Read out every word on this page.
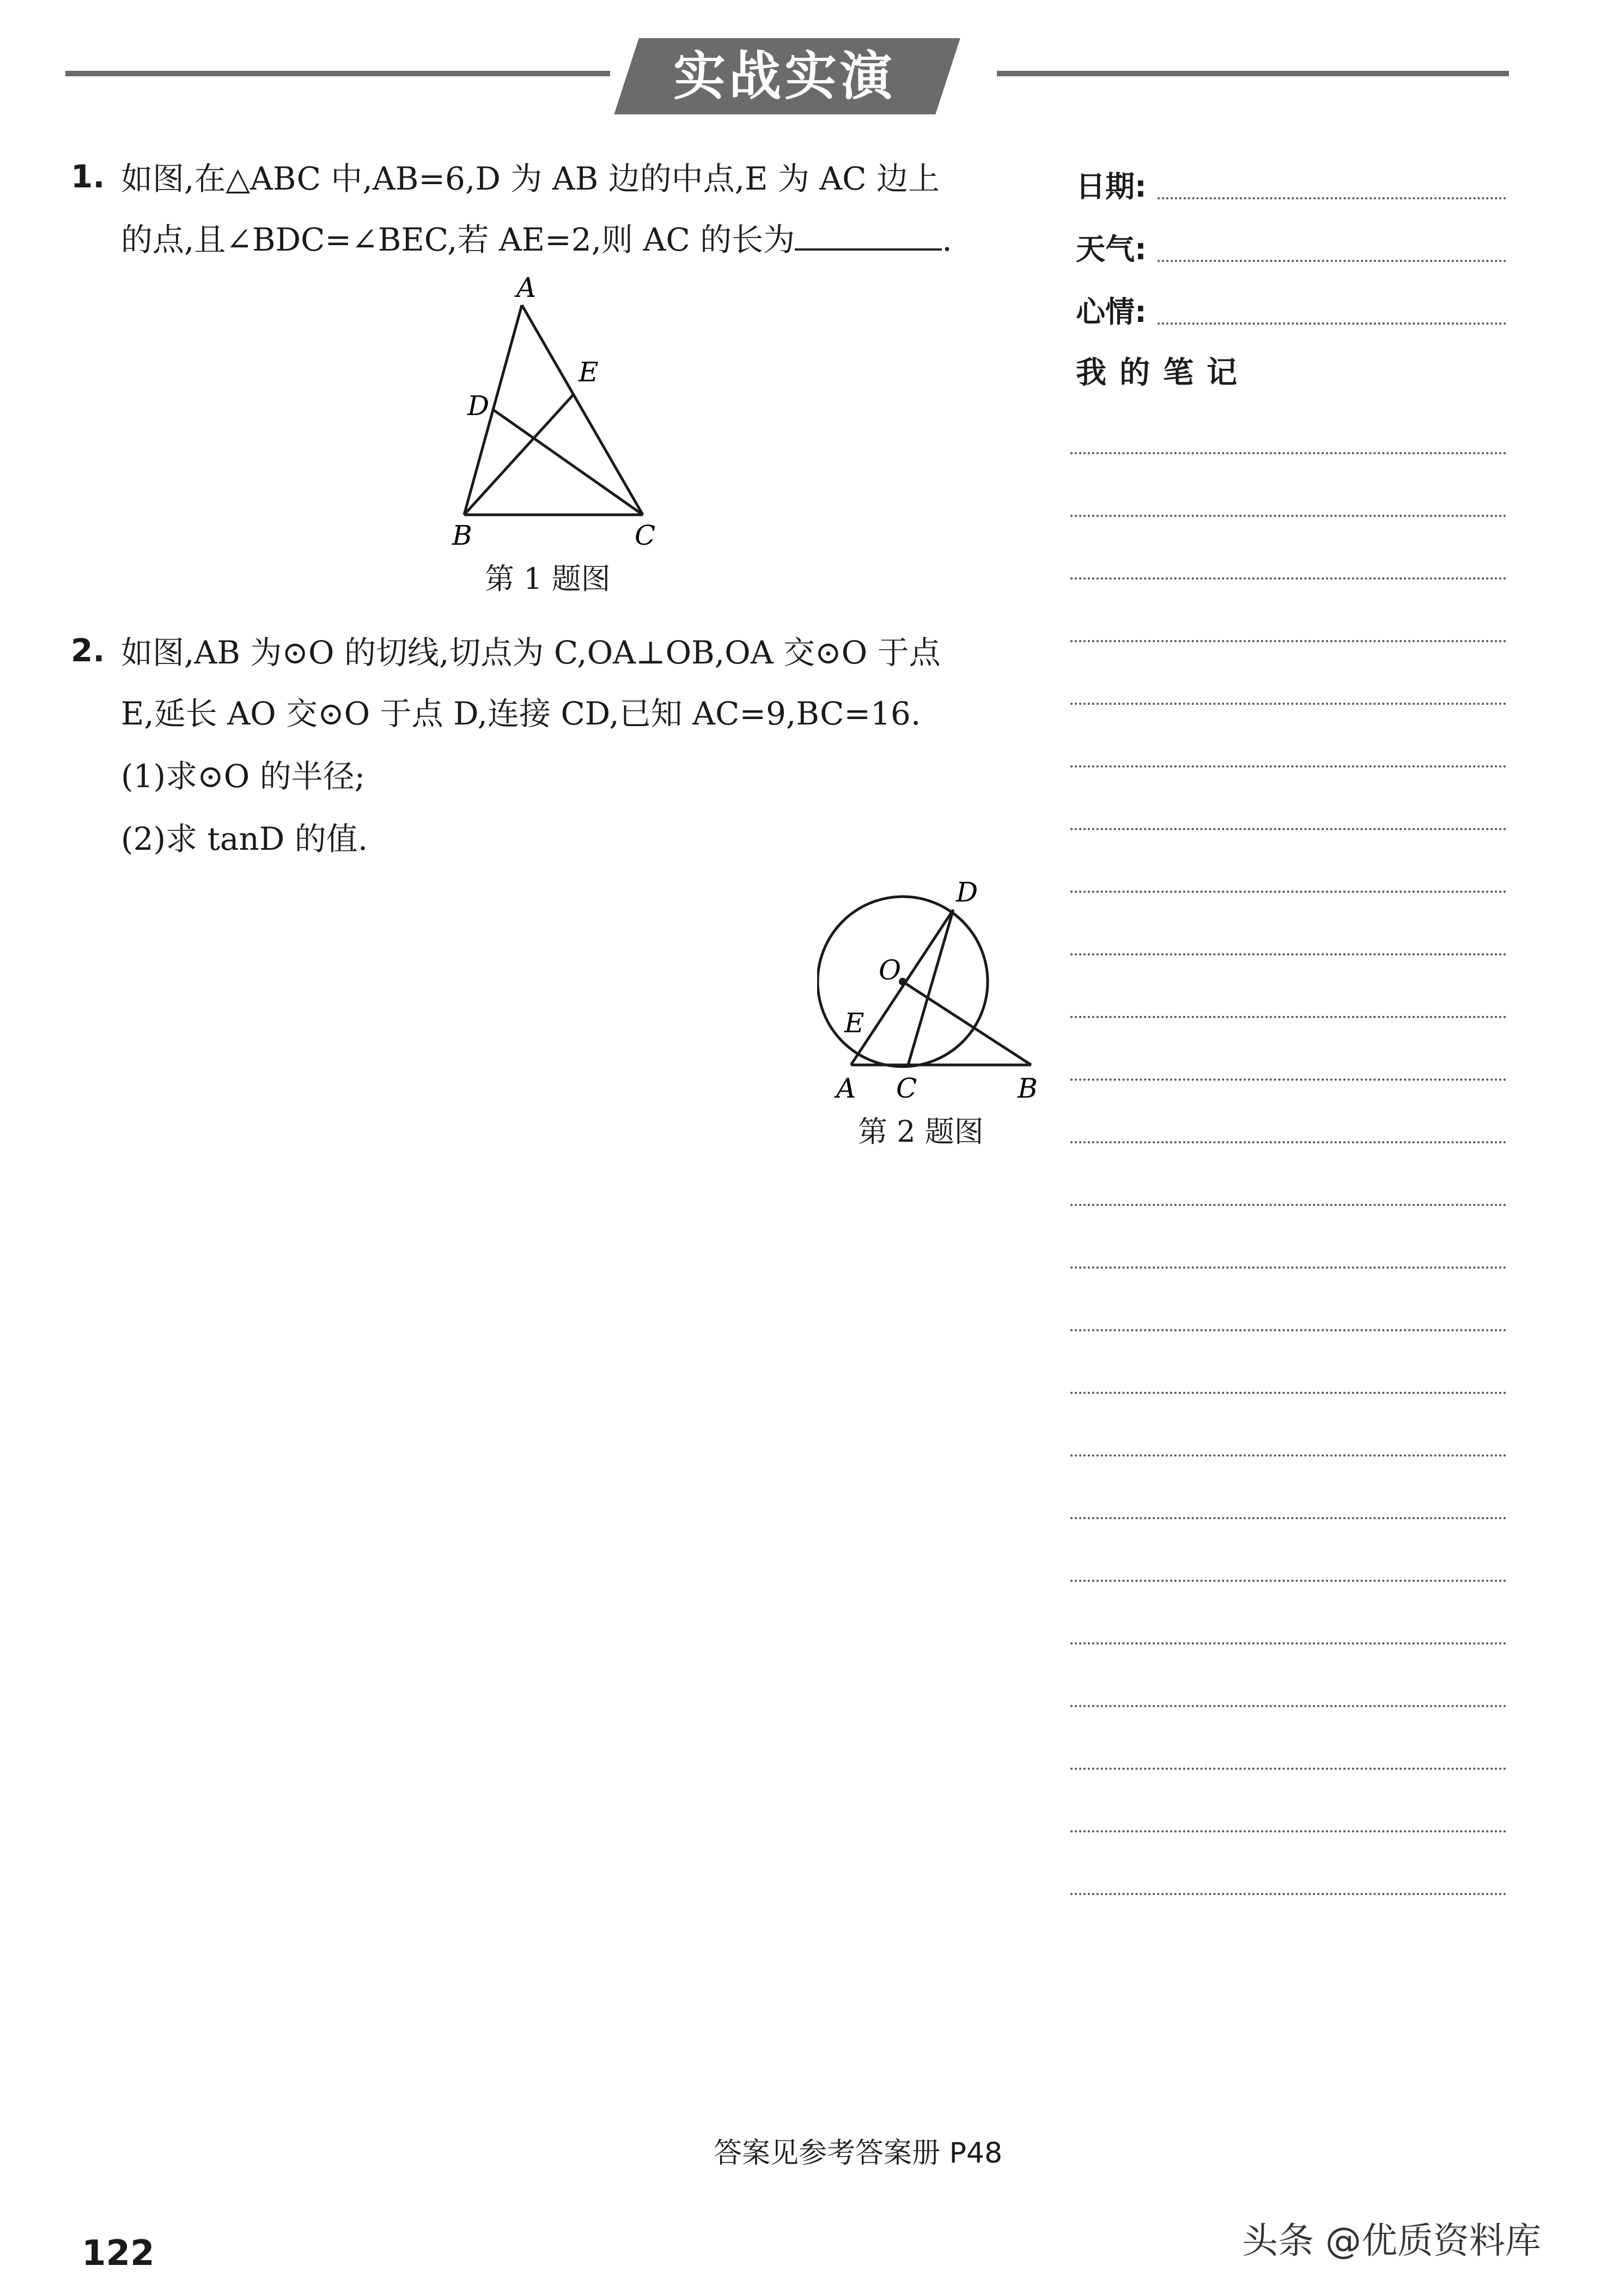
实战实演
1. 如图,在△ABC 中,AB=6,D 为 AB 边的中点,E 为 AC 边上
的点,且∠BDC=∠BEC,若 AE=2,则 AC 的长为	.
A
B	C
D
E
第 1 题图
2. 如图,AB 为⊙O 的切线,切点为 C,OA⊥OB,OA 交⊙O 于点
E,延长 AO 交⊙O 于点 D,连接 CD,已知 AC=9,BC=16.
(1)求⊙O 的半径;
(2)求 tanD 的值.
D
O
E
A C	B
第 2 题图
日期:
天气:
心情:
我的笔记
答案见参考答案册 P48
122	头条 @优质资料库
